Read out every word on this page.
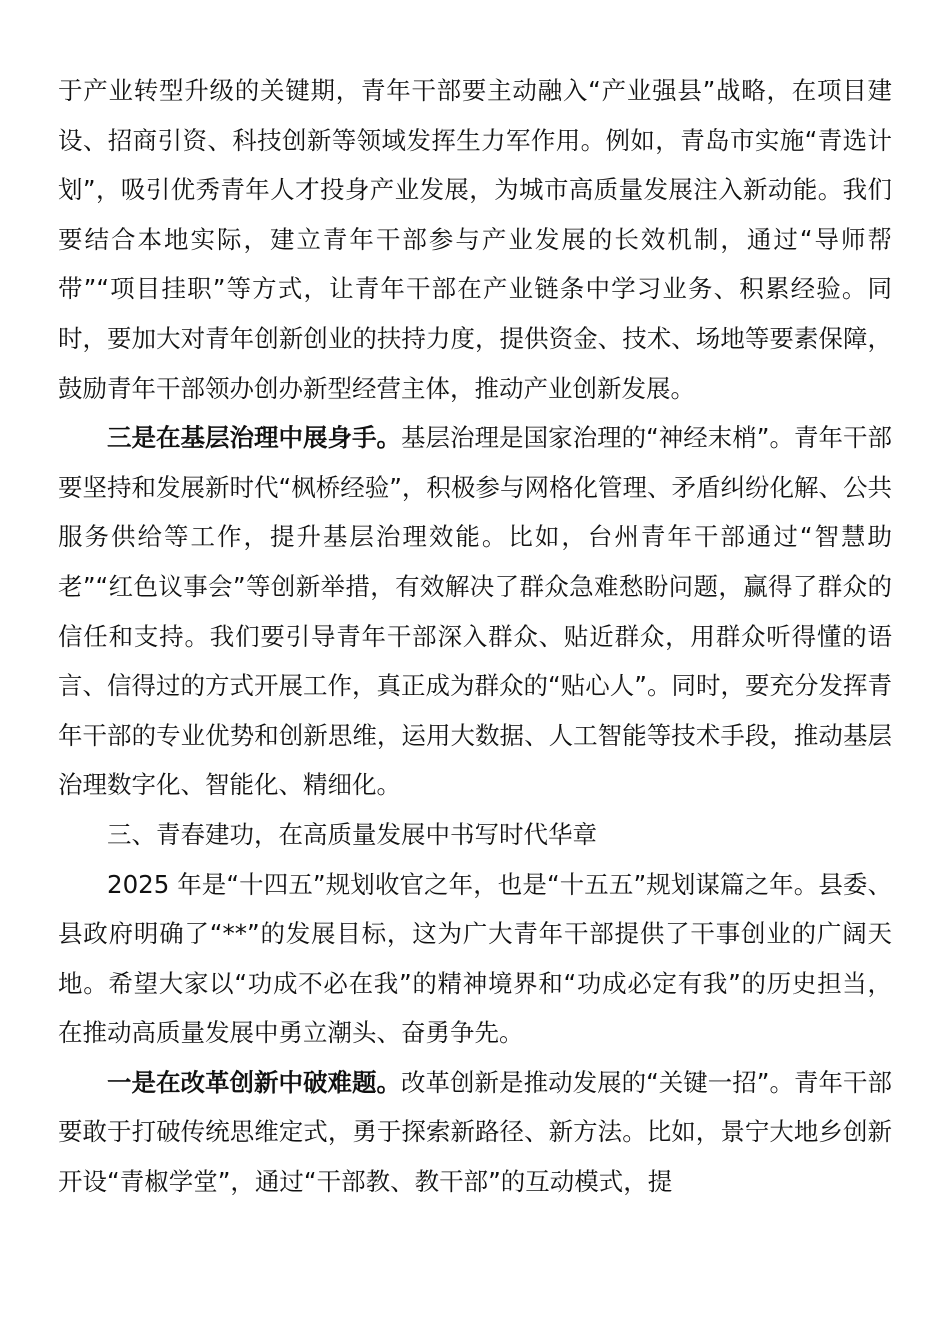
于产业转型升级的关键期，青年干部要主动融入“产业强县”战略，在项目建设、招商引资、科技创新等领域发挥生力军作用。例如，青岛市实施“青选计划”，吸引优秀青年人才投身产业发展，为城市高质量发展注入新动能。我们要结合本地实际，建立青年干部参与产业发展的长效机制，通过“导师帮带”“项目挂职”等方式，让青年干部在产业链条中学习业务、积累经验。同时，要加大对青年创新创业的扶持力度，提供资金、技术、场地等要素保障，鼓励青年干部领办创办新型经营主体，推动产业创新发展。

三是在基层治理中展身手。基层治理是国家治理的“神经末梢”。青年干部要坚持和发展新时代“枫桥经验”，积极参与网格化管理、矛盾纠纷化解、公共服务供给等工作，提升基层治理效能。比如，台州青年干部通过“智慧助老”“红色议事会”等创新举措，有效解决了群众急难愁盼问题，赢得了群众的信任和支持。我们要引导青年干部深入群众、贴近群众，用群众听得懂的语言、信得过的方式开展工作，真正成为群众的“贴心人”。同时，要充分发挥青年干部的专业优势和创新思维，运用大数据、人工智能等技术手段，推动基层治理数字化、智能化、精细化。

三、青春建功，在高质量发展中书写时代华章

2025 年是“十四五”规划收官之年，也是“十五五”规划谋篇之年。县委、县政府明确了“**”的发展目标，这为广大青年干部提供了干事创业的广阔天地。希望大家以“功成不必在我”的精神境界和“功成必定有我”的历史担当，在推动高质量发展中勇立潮头、奋勇争先。

一是在改革创新中破难题。改革创新是推动发展的“关键一招”。青年干部要敢于打破传统思维定式，勇于探索新路径、新方法。比如，景宁大地乡创新开设“青椒学堂”，通过“干部教、教干部”的互动模式，提
